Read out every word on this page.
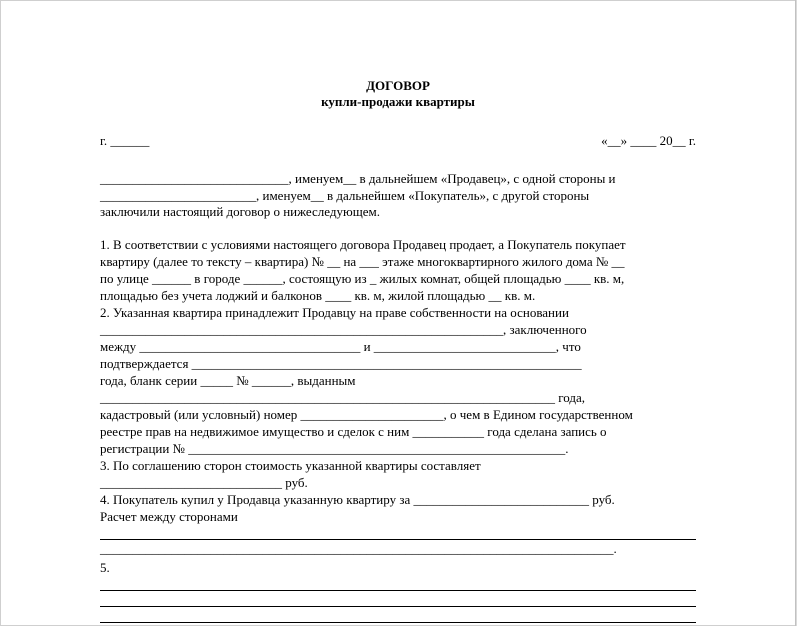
ДОГОВОР
купли-продажи квартиры
г. ______	«__» ____ 20__ г.
_____________________________, именуем__ в дальнейшем «Продавец», с одной стороны и
________________________, именуем__ в дальнейшем «Покупатель», с другой стороны
заключили настоящий договор о нижеследующем.
1. В соответствии с условиями настоящего договора Продавец продает, а Покупатель покупает
квартиру (далее то тексту – квартира) № __ на ___ этаже многоквартирного жилого дома № __
по улице ______ в городе ______, состоящую из _ жилых комнат, общей площадью ____ кв. м,
площадью без учета лоджий и балконов ____ кв. м, жилой площадью __ кв. м.
2. Указанная квартира принадлежит Продавцу на праве собственности на основании
______________________________________________________________, заключенного
между __________________________________ и ____________________________, что
подтверждается ____________________________________________________________
года, бланк серии _____ № ______, выданным
______________________________________________________________________ года,
кадастровый (или условный) номер ______________________, о чем в Едином государственном
реестре прав на недвижимое имущество и сделок с ним ___________ года сделана запись о
регистрации № __________________________________________________________.
3. По соглашению сторон стоимость указанной квартиры составляет
____________________________ руб.
4. Покупатель купил у Продавца указанную квартиру за ___________________________ руб.
Расчет между сторонами
_______________________________________________________________________________.
5.
